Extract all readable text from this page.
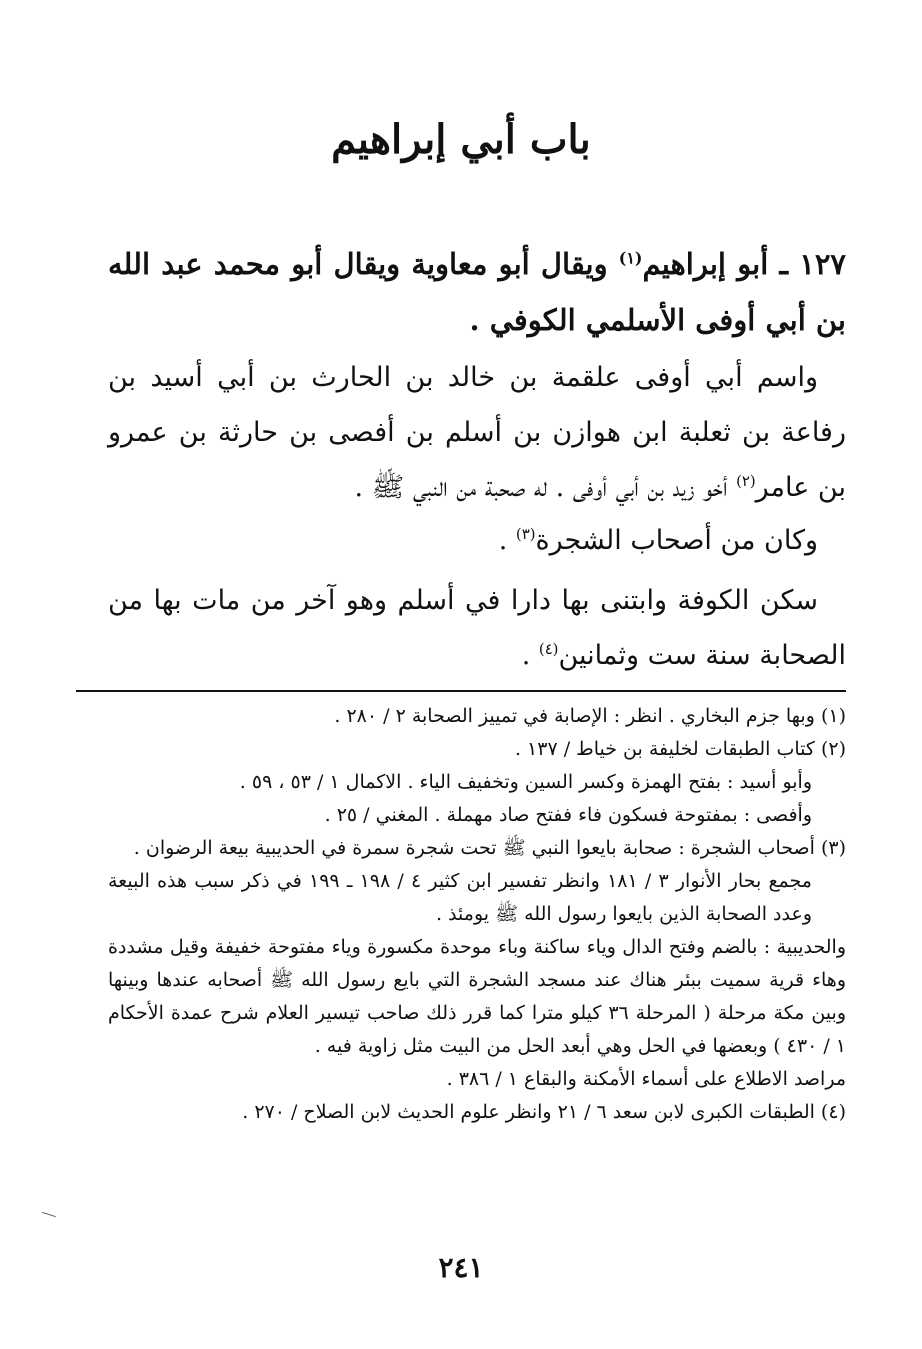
باب أبي إبراهيم

١٢٧ ـ أبو إبراهيم$^{(١)}$ ويقال أبو معاوية ويقال أبو محمد عبد الله بن أبي أوفى الأسلمي الكوفي .

واسم أبي أوفى علقمة بن خالد بن الحارث بن أبي أسيد بن رفاعة بن ثعلبة ابن هوازن بن أسلم بن أفصى بن حارثة بن عمرو بن عامر$^{(٢)}$ أخو زيد بن أبي أوفى . له صحبة من النبي ﷺ .

وكان من أصحاب الشجرة$^{(٣)}$ .

سكن الكوفة وابتنى بها دارا في أسلم وهو آخر من مات بها من الصحابة سنة ست وثمانين$^{(٤)}$ .

(١) وبها جزم البخاري . انظر : الإصابة في تمييز الصحابة ٢ / ٢٨٠ .

(٢) كتاب الطبقات لخليفة بن خياط / ١٣٧ .

وأبو أسيد : بفتح الهمزة وكسر السين وتخفيف الياء . الاكمال ١ / ٥٣ ، ٥٩ .

وأفصى : بمفتوحة فسكون فاء ففتح صاد مهملة . المغني / ٢٥ .

(٣) أصحاب الشجرة : صحابة بايعوا النبي ﷺ تحت شجرة سمرة في الحديبية بيعة الرضوان .

مجمع بحار الأنوار ٣ / ١٨١ وانظر تفسير ابن كثير ٤ / ١٩٨ ـ ١٩٩ في ذكر سبب هذه البيعة وعدد الصحابة الذين بايعوا رسول الله ﷺ يومئذ .

والحديبية : بالضم وفتح الدال وياء ساكنة وباء موحدة مكسورة وياء مفتوحة خفيفة وقيل مشددة وهاء قرية سميت ببئر هناك عند مسجد الشجرة التي بايع رسول الله ﷺ أصحابه عندها وبينها وبين مكة مرحلة ( المرحلة ٣٦ كيلو مترا كما قرر ذلك صاحب تيسير العلام شرح عمدة الأحكام ١ / ٤٣٠ ) وبعضها في الحل وهي أبعد الحل من البيت مثل زاوية فيه .

مراصد الاطلاع على أسماء الأمكنة والبقاع ١ / ٣٨٦ .

(٤) الطبقات الكبرى لابن سعد ٦ / ٢١ وانظر علوم الحديث لابن الصلاح / ٢٧٠ .

٢٤١
